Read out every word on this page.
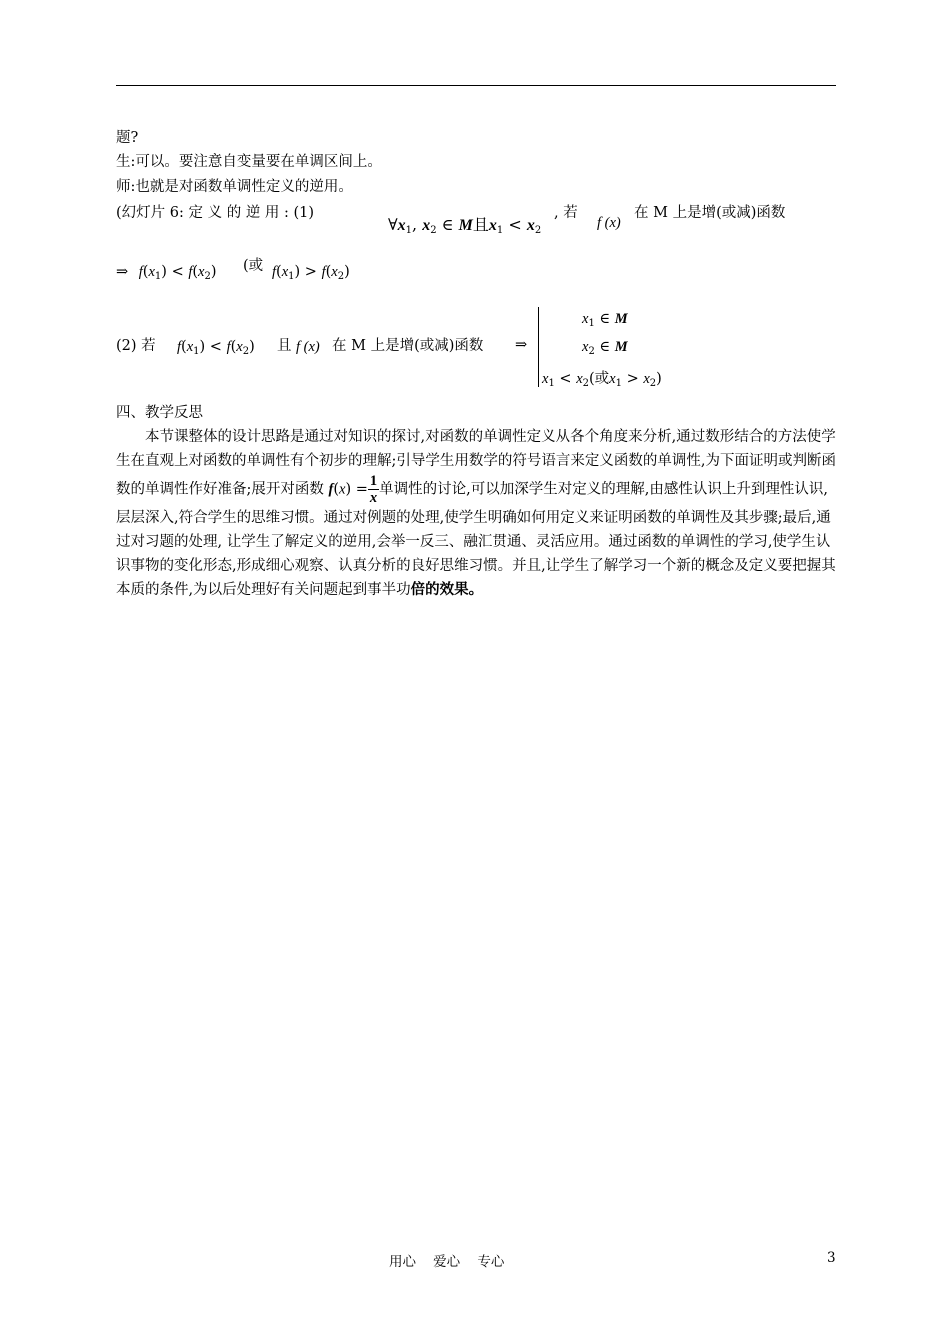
题?
生:可以。要注意自变量要在单调区间上。
师:也就是对函数单调性定义的逆用。
(幻灯片 6: 定 义 的 逆 用 : (1)
$\forall x_1$, $x_2$ ∈ M且$x_1 < x_2$
, 若
f (x)
在 M 上是增(或减)函数
⇒ $f(x_1) < f(x_2)$ (或 $f(x_1) > f(x_2)$
(2) 若 $f(x_1) < f(x_2)$ 且 f (x) 在 M 上是增(或减)函数 ⇒
$x_1$ ∈ M
$x_2$ ∈ M
$x_1 < x_2$(或$x_1 > x_2$)
四、教学反思
本节课整体的设计思路是通过对知识的探讨,对函数的单调性定义从各个角度来分析,通过数形结合的方法使学生在直观上对函数的单调性有个初步的理解;引导学生用数学的符号语言来定义函数的单调性,为下面证明或判断函数的单调性作好准备;展开对函数 $f(x) = \frac{1}{x}$ 单调性的讨论,可以加深学生对定义的理解,由感性认识上升到理性认识,层层深入,符合学生的思维习惯。通过对例题的处理,使学生明确如何用定义来证明函数的单调性及其步骤;最后,通过对习题的处理, 让学生了解定义的逆用,会举一反三、融汇贯通、灵活应用。通过函数的单调性的学习,使学生认识事物的变化形态,形成细心观察、认真分析的良好思维习惯。并且,让学生了解学习一个新的概念及定义要把握其本质的条件,为以后处理好有关问题起到事半功倍的效果。
用心    爱心    专心	3
